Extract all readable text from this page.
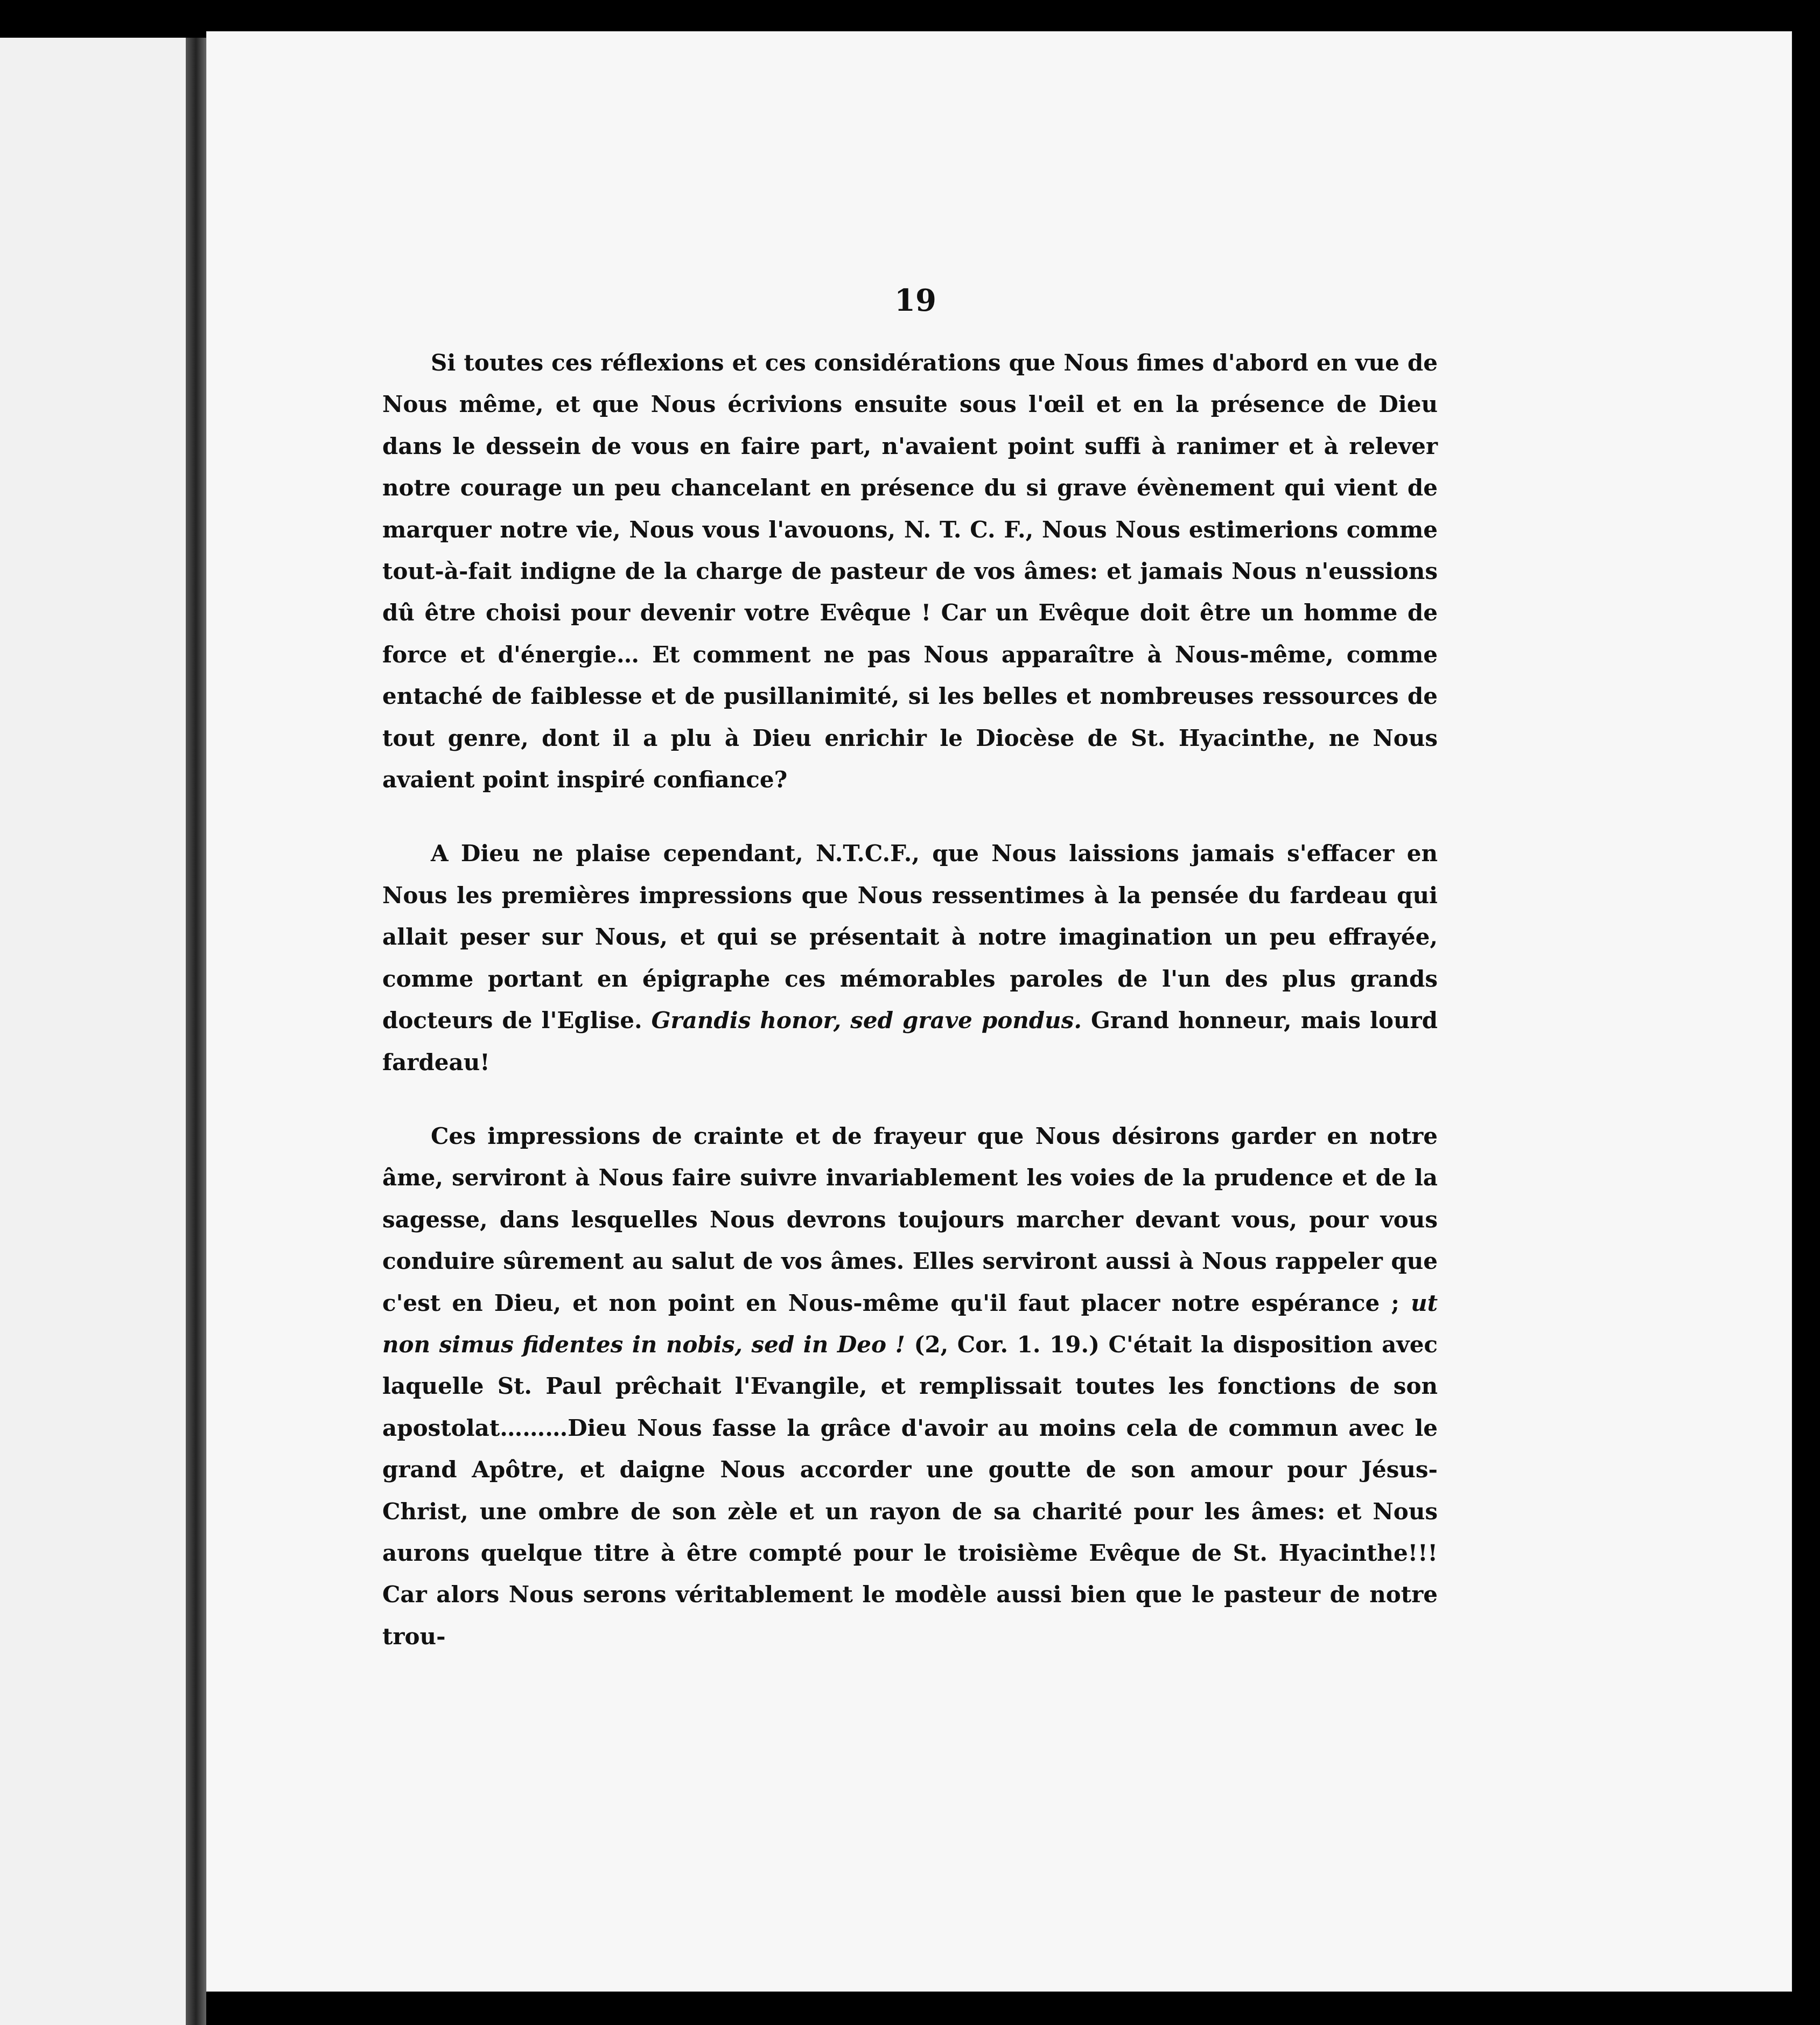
19

Si toutes ces réflexions et ces considérations que Nous fimes d'abord en vue de Nous même, et que Nous écrivions ensuite sous l'œil et en la présence de Dieu dans le dessein de vous en faire part, n'avaient point suffi à ranimer et à relever notre courage un peu chancelant en présence du si grave évènement qui vient de marquer notre vie, Nous vous l'avouons, N. T. C. F., Nous Nous estimerions comme tout-à-fait indigne de la charge de pasteur de vos âmes: et jamais Nous n'eussions dû être choisi pour devenir votre Evêque ! Car un Evêque doit être un homme de force et d'énergie… Et comment ne pas Nous apparaître à Nous-même, comme entaché de faiblesse et de pusillanimité, si les belles et nombreuses ressources de tout genre, dont il a plu à Dieu enrichir le Diocèse de St. Hyacinthe, ne Nous avaient point inspiré confiance?

A Dieu ne plaise cependant, N.T.C.F., que Nous laissions jamais s'effacer en Nous les premières impressions que Nous ressentimes à la pensée du fardeau qui allait peser sur Nous, et qui se présentait à notre imagination un peu effrayée, comme portant en épigraphe ces mémorables paroles de l'un des plus grands docteurs de l'Eglise. Grandis honor, sed grave pondus. Grand honneur, mais lourd fardeau!

Ces impressions de crainte et de frayeur que Nous désirons garder en notre âme, serviront à Nous faire suivre invariablement les voies de la prudence et de la sagesse, dans lesquelles Nous devrons toujours marcher devant vous, pour vous conduire sûrement au salut de vos âmes. Elles serviront aussi à Nous rappeler que c'est en Dieu, et non point en Nous-même qu'il faut placer notre espérance ; ut non simus fidentes in nobis, sed in Deo ! (2, Cor. 1. 19.) C'était la disposition avec laquelle St. Paul prêchait l'Evangile, et remplissait toutes les fonctions de son apostolat………Dieu Nous fasse la grâce d'avoir au moins cela de commun avec le grand Apôtre, et daigne Nous accorder une goutte de son amour pour Jésus-Christ, une ombre de son zèle et un rayon de sa charité pour les âmes: et Nous aurons quelque titre à être compté pour le troisième Evêque de St. Hyacinthe!!! Car alors Nous serons véritablement le modèle aussi bien que le pasteur de notre trou-
